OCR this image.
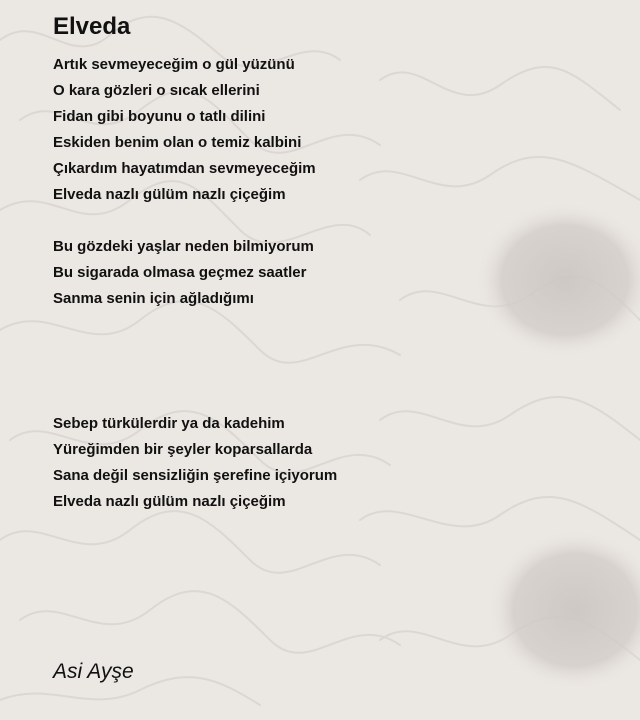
Elveda
Artık sevmeyeceğim o gül yüzünü
O kara gözleri o sıcak ellerini
Fidan gibi boyunu o tatlı dilini
Eskiden benim olan o temiz kalbini
Çıkardım hayatımdan sevmeyeceğim
Elveda nazlı gülüm nazlı çiçeğim
Bu gözdeki yaşlar neden bilmiyorum
Bu sigarada olmasa geçmez saatler
Sanma senin için ağladığımı
Sebep türkülerdir ya da kadehim
Yüreğimden bir şeyler koparsallarda
Sana değil sensizliğin şerefine içiyorum
Elveda nazlı gülüm nazlı çiçeğim
Asi Ayşe
